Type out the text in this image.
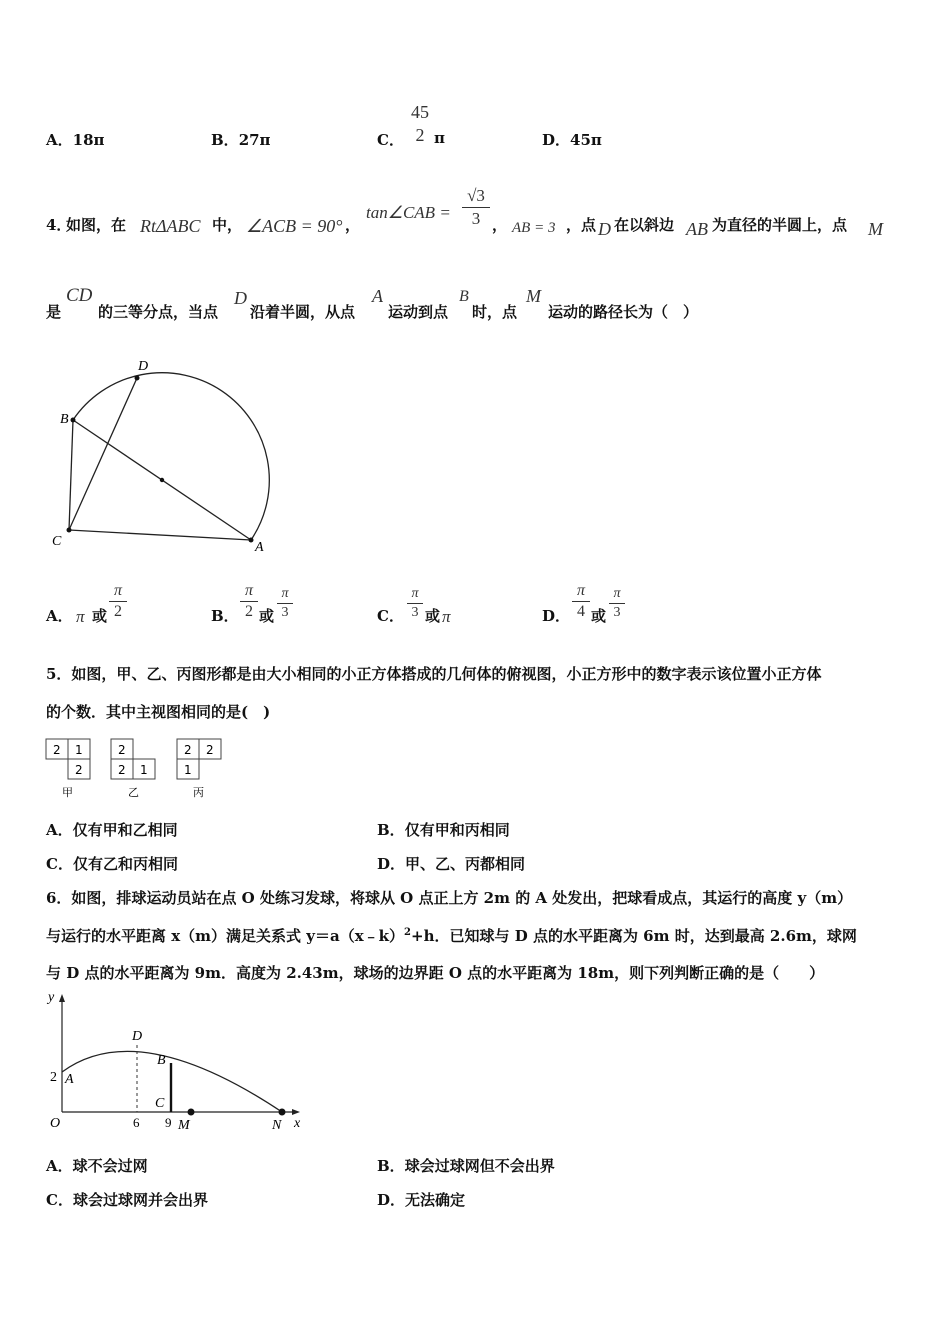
A．18π	B．27π	C．
45
2 π	D．45π
4．
如图，在 RtΔABC 中， ∠ACB = 90° ，
tan∠CAB =
√3
3 ， AB = 3 ，点 D 在以斜边 AB 为直径的半圆上，点 M
是
CD
的三等分点，当点
D
沿着半圆，从点
A
运动到点
B
时，点
M
运动的路径长为（　）
D
B
C	A
A． π 或
π
2	B．
π
2 或
π
3	C．
π
3 或 π	D．
π
4 或
π
3
5．如图，甲、乙、丙图形都是由大小相同的小正方体搭成的几何体的俯视图，小正方形中的数字表示该位置小正方体
的个数．其中主视图相同的是(　)
2 1
2
甲
2
2 1
乙
2 2
1
丙
A．仅有甲和乙相同	B．仅有甲和丙相同
C．仅有乙和丙相同	D．甲、乙、丙都相同
6．如图，排球运动员站在点 O 处练习发球，将球从 O 点正上方 2m 的 A 处发出，把球看成点，其运行的高度 y（m）
与运行的水平距离 x（m）满足关系式 y＝a（x﹣k）$^2$+h．已知球与 D 点的水平距离为 6m 时，达到最高 2.6m，球网
与 D 点的水平距离为 9m．高度为 2.43m，球场的边界距 O 点的水平距离为 18m，则下列判断正确的是（　　）
y
x
O
2 A
D
B
C
6 9 M	N
A．球不会过网	B．球会过球网但不会出界
C．球会过球网并会出界	D．无法确定
